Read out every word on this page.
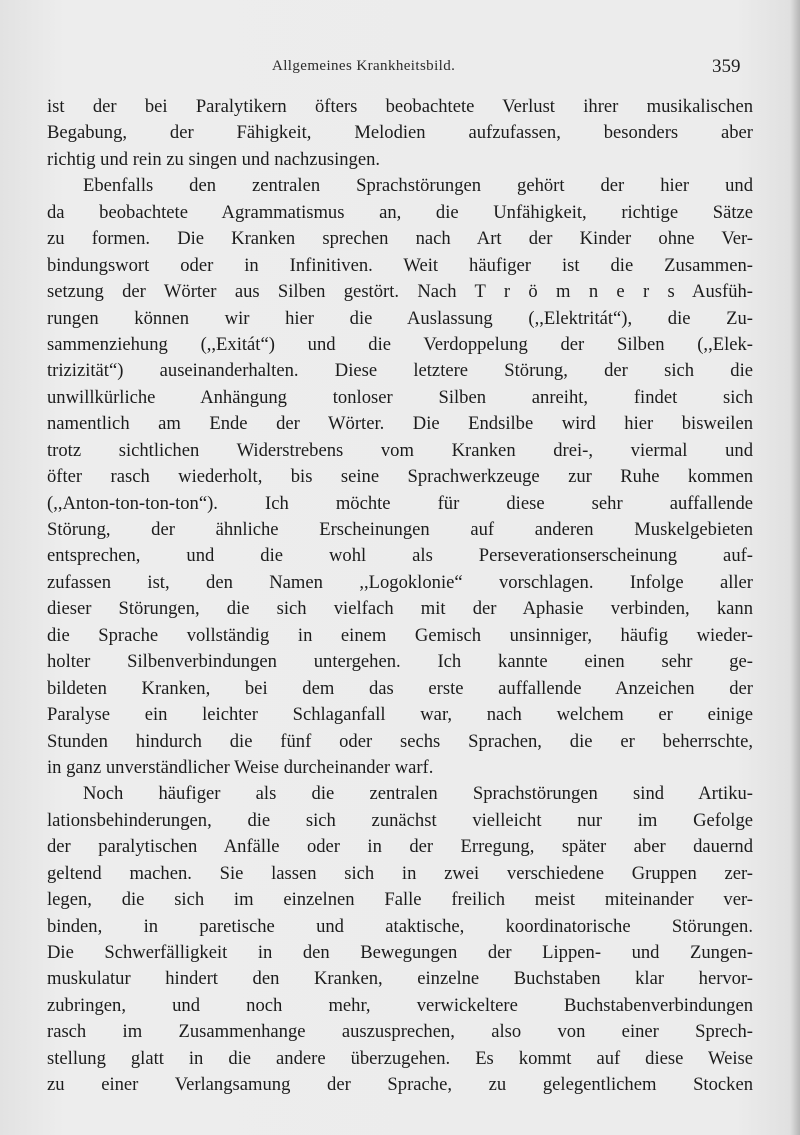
Allgemeines Krankheitsbild.	359
ist der bei Paralytikern öfters beobachtete Verlust ihrer musikalischen
Begabung, der Fähigkeit, Melodien aufzufassen, besonders aber
richtig und rein zu singen und nachzusingen.
Ebenfalls den zentralen Sprachstörungen gehört der hier und
da beobachtete Agrammatismus an, die Unfähigkeit, richtige Sätze
zu formen. Die Kranken sprechen nach Art der Kinder ohne Ver-
bindungswort oder in Infinitiven. Weit häufiger ist die Zusammen-
setzung der Wörter aus Silben gestört. Nach T r ö m n e r s Ausfüh-
rungen können wir hier die Auslassung (,,Elektritát“), die Zu-
sammenziehung (,,Exitát“) und die Verdoppelung der Silben (,,Elek-
trizizität“) auseinanderhalten. Diese letztere Störung, der sich die
unwillkürliche Anhängung tonloser Silben anreiht, findet sich
namentlich am Ende der Wörter. Die Endsilbe wird hier bisweilen
trotz sichtlichen Widerstrebens vom Kranken drei-, viermal und
öfter rasch wiederholt, bis seine Sprachwerkzeuge zur Ruhe kommen
(,,Anton-ton-ton-ton“). Ich möchte für diese sehr auffallende
Störung, der ähnliche Erscheinungen auf anderen Muskelgebieten
entsprechen, und die wohl als Perseverationserscheinung auf-
zufassen ist, den Namen ,,Logoklonie“ vorschlagen. Infolge aller
dieser Störungen, die sich vielfach mit der Aphasie verbinden, kann
die Sprache vollständig in einem Gemisch unsinniger, häufig wieder-
holter Silbenverbindungen untergehen. Ich kannte einen sehr ge-
bildeten Kranken, bei dem das erste auffallende Anzeichen der
Paralyse ein leichter Schlaganfall war, nach welchem er einige
Stunden hindurch die fünf oder sechs Sprachen, die er beherrschte,
in ganz unverständlicher Weise durcheinander warf.
Noch häufiger als die zentralen Sprachstörungen sind Artiku-
lationsbehinderungen, die sich zunächst vielleicht nur im Gefolge
der paralytischen Anfälle oder in der Erregung, später aber dauernd
geltend machen. Sie lassen sich in zwei verschiedene Gruppen zer-
legen, die sich im einzelnen Falle freilich meist miteinander ver-
binden, in paretische und ataktische, koordinatorische Störungen.
Die Schwerfälligkeit in den Bewegungen der Lippen- und Zungen-
muskulatur hindert den Kranken, einzelne Buchstaben klar hervor-
zubringen, und noch mehr, verwickeltere Buchstabenverbindungen
rasch im Zusammenhange auszusprechen, also von einer Sprech-
stellung glatt in die andere überzugehen. Es kommt auf diese Weise
zu einer Verlangsamung der Sprache, zu gelegentlichem Stocken
